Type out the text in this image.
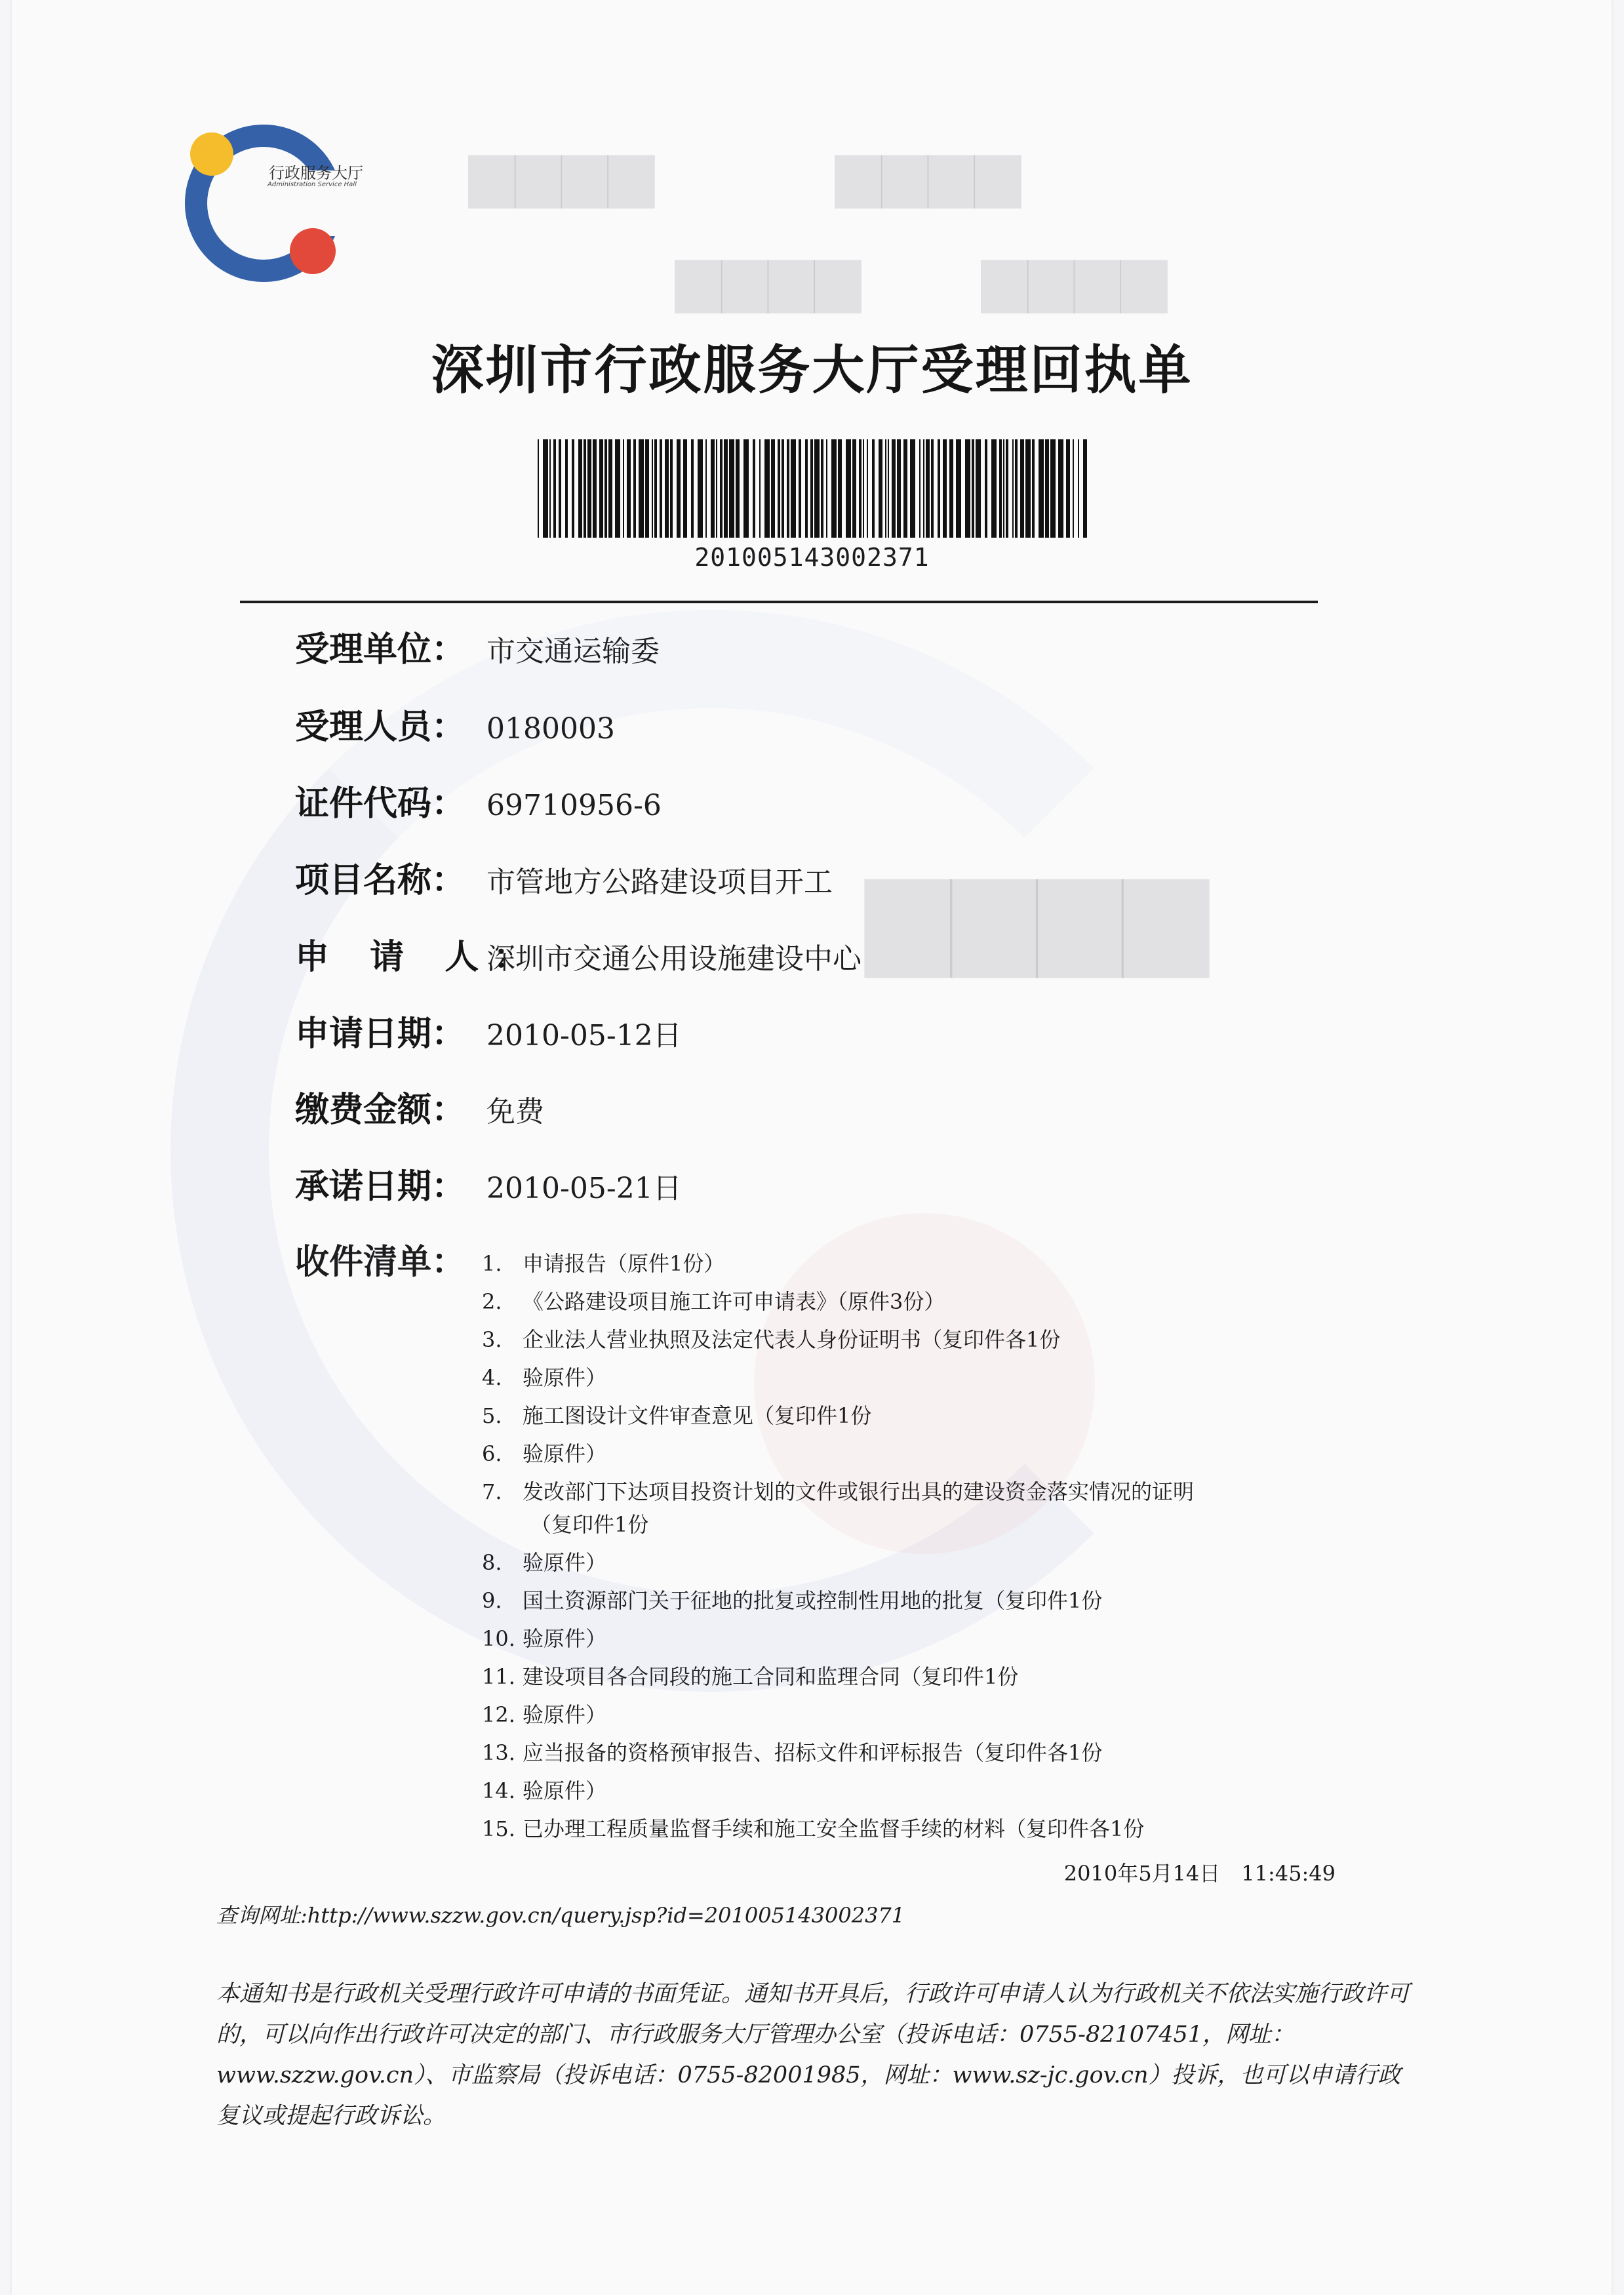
▆▆▆▆　　　▆▆▆▆
▆▆▆▆　　▆▆▆▆
▆▆▆▆
行政服务大厅
Administration Service Hall
深圳市行政服务大厅受理回执单
201005143002371
受理单位： 市交通运输委
受理人员： 0180003
证件代码： 69710956-6
项目名称： 市管地方公路建设项目开工
申 请 人：深圳市交通公用设施建设中心
申请日期： 2010-05-12日
缴费金额： 免费
承诺日期： 2010-05-21日
收件清单： 1. 申请报告（原件1份）
2. 《公路建设项目施工许可申请表》（原件3份）
3. 企业法人营业执照及法定代表人身份证明书（复印件各1份
4. 验原件）
5. 施工图设计文件审查意见（复印件1份
6. 验原件）
7. 发改部门下达项目投资计划的文件或银行出具的建设资金落实情况的证明
（复印件1份
8. 验原件）
9. 国土资源部门关于征地的批复或控制性用地的批复（复印件1份
10. 验原件）
11. 建设项目各合同段的施工合同和监理合同（复印件1份
12. 验原件）
13. 应当报备的资格预审报告、招标文件和评标报告（复印件各1份
14. 验原件）
15. 已办理工程质量监督手续和施工安全监督手续的材料（复印件各1份
2010年5月14日　11:45:49
查询网址:http://www.szzw.gov.cn/query.jsp?id=201005143002371
本通知书是行政机关受理行政许可申请的书面凭证。通知书开具后，行政许可申请人认为行政机关不依法实施行政许可的，可以向作出行政许可决定的部门、市行政服务大厅管理办公室（投诉电话：0755-82107451，网址：www.szzw.gov.cn）、市监察局（投诉电话：0755-82001985，网址：www.sz-jc.gov.cn）投诉，也可以申请行政复议或提起行政诉讼。
